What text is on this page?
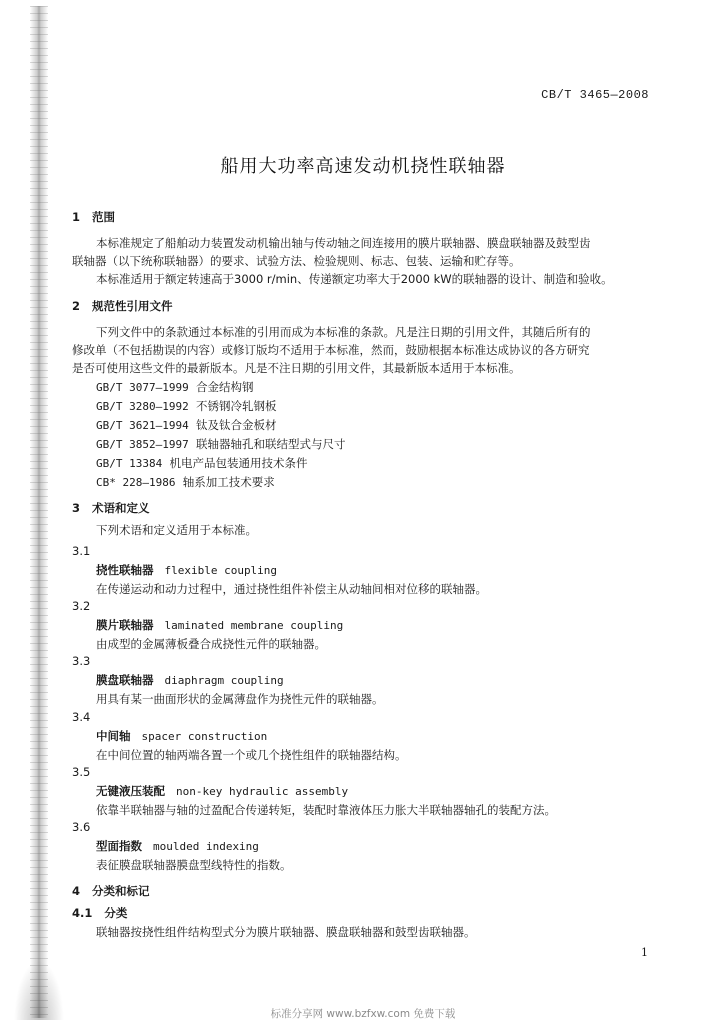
CB/T 3465—2008
船用大功率高速发动机挠性联轴器
1 范围
本标准规定了船舶动力装置发动机输出轴与传动轴之间连接用的膜片联轴器、膜盘联轴器及鼓型齿
联轴器（以下统称联轴器）的要求、试验方法、检验规则、标志、包装、运输和贮存等。
本标准适用于额定转速高于3000 r/min、传递额定功率大于2000 kW的联轴器的设计、制造和验收。
2 规范性引用文件
下列文件中的条款通过本标准的引用而成为本标准的条款。凡是注日期的引用文件，其随后所有的
修改单（不包括勘误的内容）或修订版均不适用于本标准，然而，鼓励根据本标准达成协议的各方研究
是否可使用这些文件的最新版本。凡是不注日期的引用文件，其最新版本适用于本标准。
GB/T 3077—1999 合金结构钢
GB/T 3280—1992 不锈钢冷轧钢板
GB/T 3621—1994 钛及钛合金板材
GB/T 3852—1997 联轴器轴孔和联结型式与尺寸
GB/T 13384 机电产品包装通用技术条件
CB* 228—1986 轴系加工技术要求
3 术语和定义
下列术语和定义适用于本标准。
3.1
挠性联轴器 flexible coupling
在传递运动和动力过程中，通过挠性组件补偿主从动轴间相对位移的联轴器。
3.2
膜片联轴器 laminated membrane coupling
由成型的金属薄板叠合成挠性元件的联轴器。
3.3
膜盘联轴器 diaphragm coupling
用具有某一曲面形状的金属薄盘作为挠性元件的联轴器。
3.4
中间轴 spacer construction
在中间位置的轴两端各置一个或几个挠性组件的联轴器结构。
3.5
无键液压装配 non-key hydraulic assembly
依靠半联轴器与轴的过盈配合传递转矩，装配时靠液体压力胀大半联轴器轴孔的装配方法。
3.6
型面指数 moulded indexing
表征膜盘联轴器膜盘型线特性的指数。
4 分类和标记
4.1 分类
联轴器按挠性组件结构型式分为膜片联轴器、膜盘联轴器和鼓型齿联轴器。
1
标准分享网 www.bzfxw.com 免费下载
